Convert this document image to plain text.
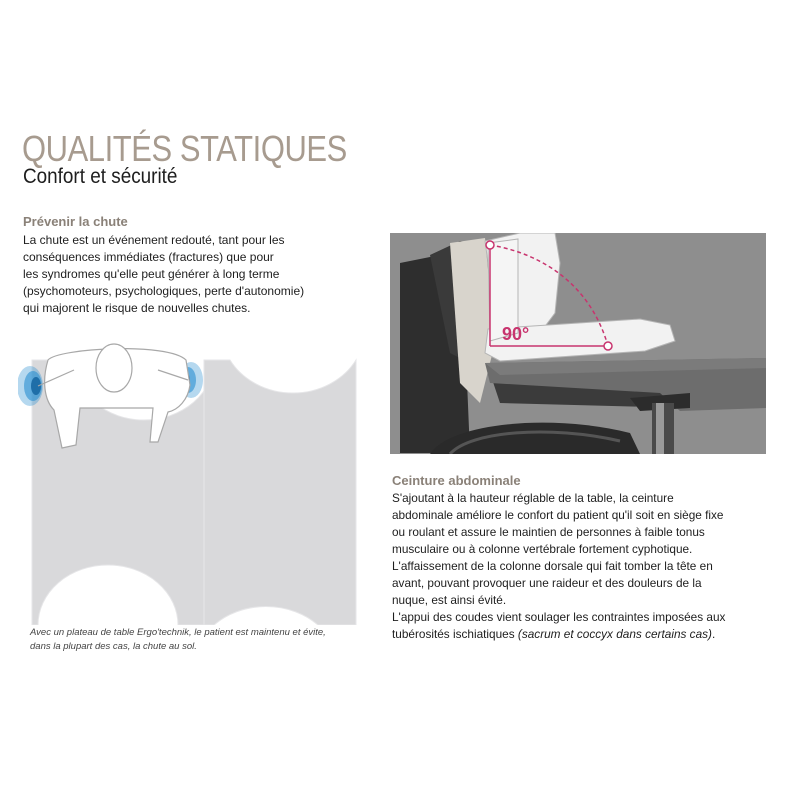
QUALITÉS STATIQUES
Confort et sécurité
Prévenir la chute
La chute est un événement redouté, tant pour les
conséquences immédiates (fractures) que pour
les syndromes qu'elle peut générer à long terme
(psychomoteurs, psychologiques, perte d'autonomie)
qui majorent le risque de nouvelles chutes.
Avec un plateau de table Ergo'technik, le patient est maintenu et évite,
dans la plupart des cas, la chute au sol.
90°
Ceinture abdominale
S'ajoutant à la hauteur réglable de la table, la ceinture
abdominale améliore le confort du patient qu'il soit en siège fixe
ou roulant et assure le maintien de personnes à faible tonus
musculaire ou à colonne vertébrale fortement cyphotique.
L'affaissement de la colonne dorsale qui fait tomber la tête en
avant, pouvant provoquer une raideur et des douleurs de la
nuque, est ainsi évité.
L'appui des coudes vient soulager les contraintes imposées aux
tubérosités ischiatiques (sacrum et coccyx dans certains cas).
